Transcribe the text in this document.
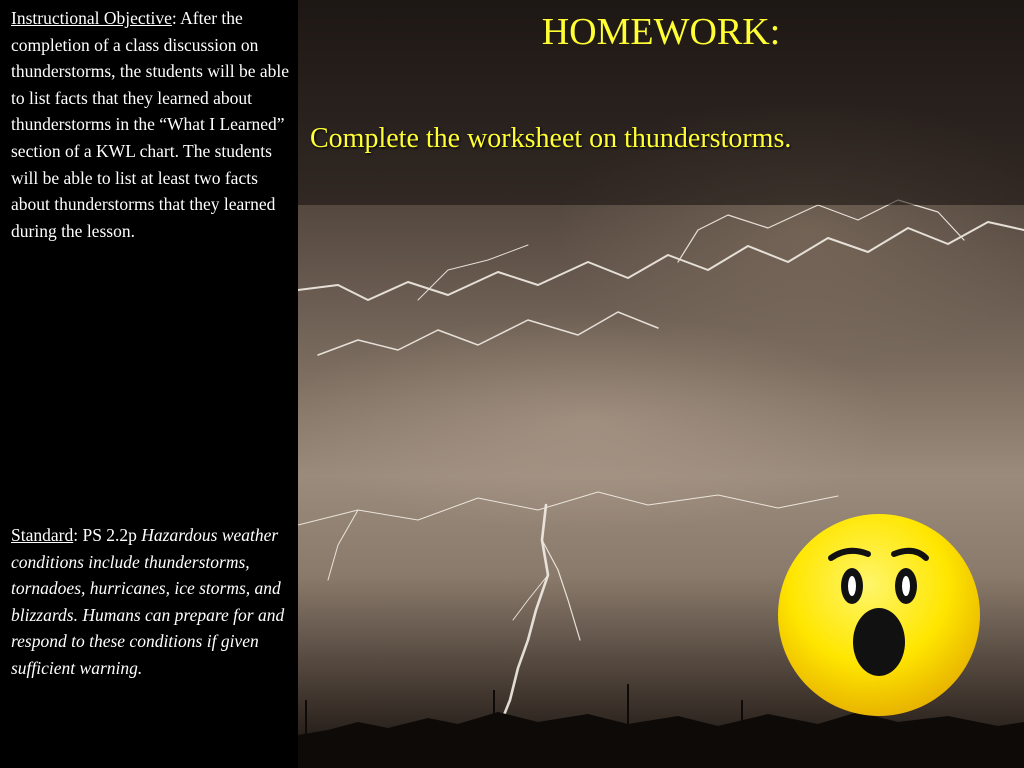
Instructional Objective: After the completion of a class discussion on thunderstorms, the students will be able to list facts that they learned about thunderstorms in the “What I Learned” section of a KWL chart. The students will be able to list at least two facts about thunderstorms that they learned during the lesson.
Standard: PS 2.2p Hazardous weather conditions include thunderstorms, tornadoes, hurricanes, ice storms, and blizzards. Humans can prepare for and respond to these conditions if given sufficient warning.
HOMEWORK:
Complete the worksheet on thunderstorms.
